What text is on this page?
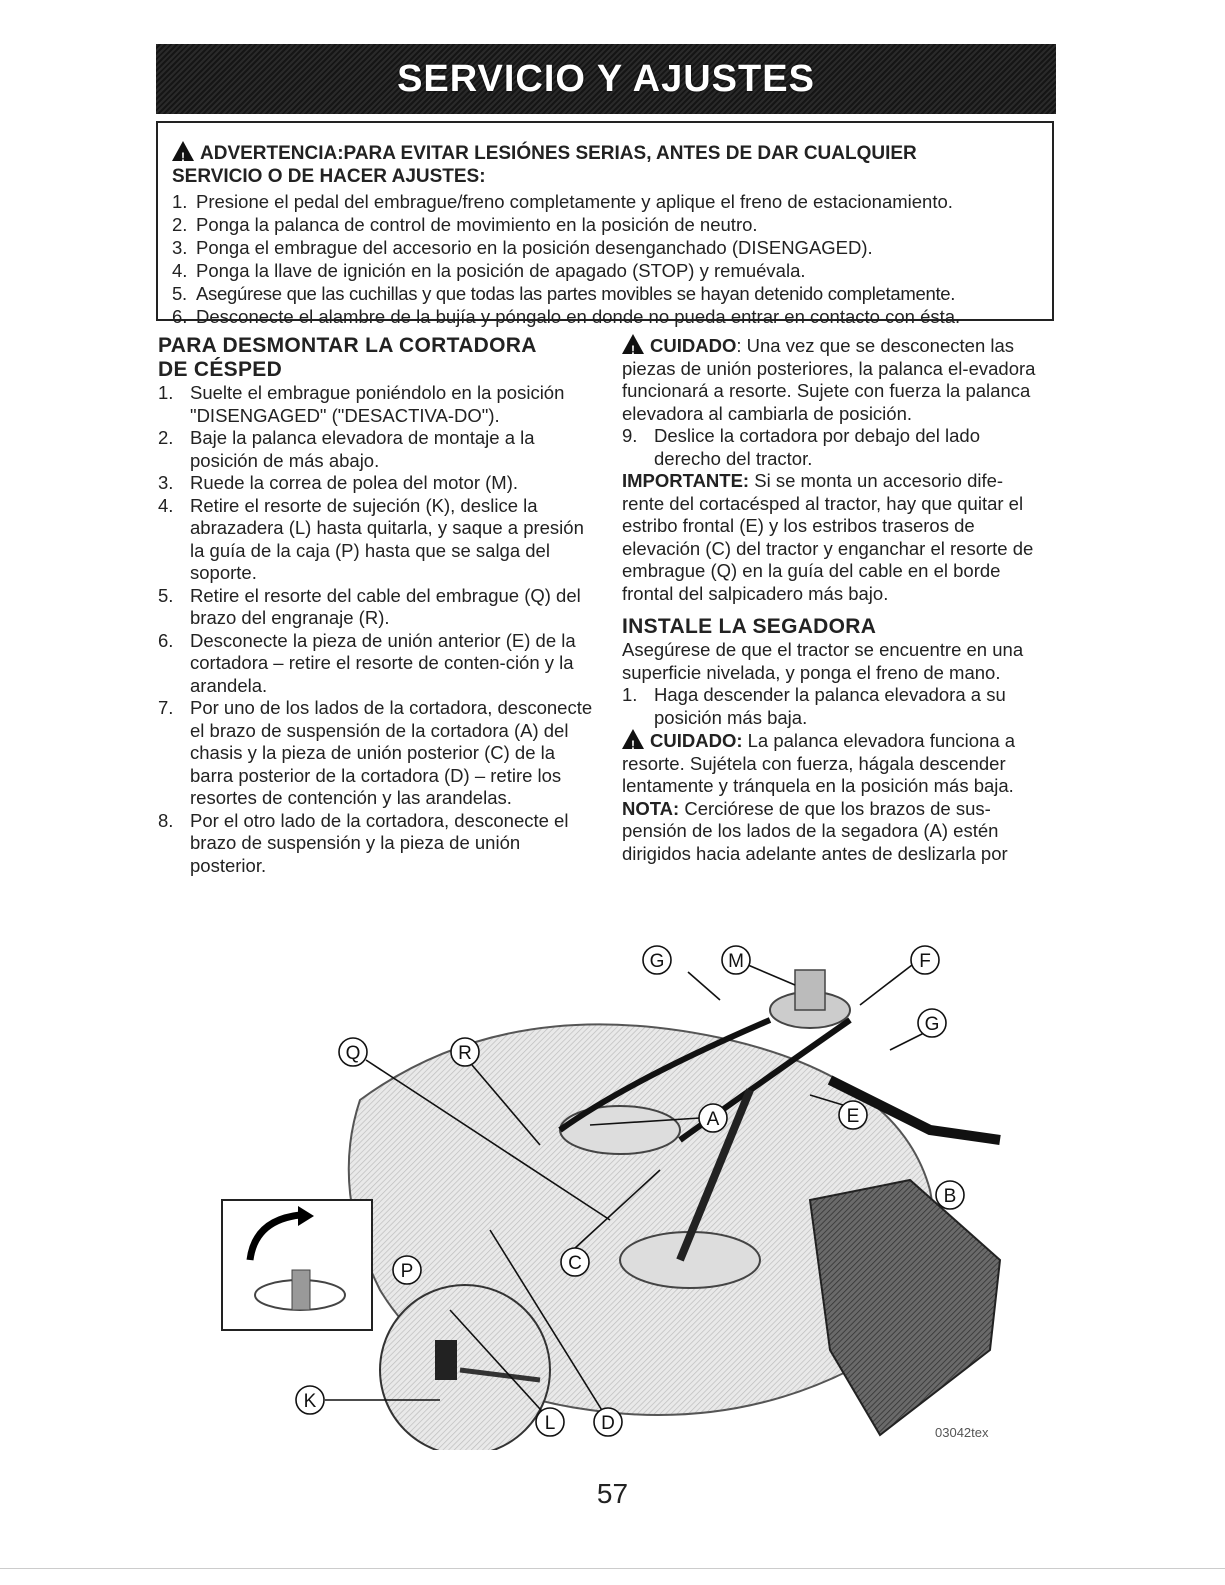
SERVICIO Y AJUSTES
!ADVERTENCIA:PARA EVITAR LESIÓNES SERIAS, ANTES DE DAR CUALQUIER
SERVICIO O DE HACER AJUSTES:
1. Presione el pedal del embrague/freno completamente y aplique el freno de estacionamiento.
2. Ponga la palanca de control de movimiento en la posición de neutro.
3. Ponga el embrague del accesorio en la posición desenganchado (DISENGAGED).
4. Ponga la llave de ignición en la posición de apagado (STOP) y remuévala.
5. Asegúrese que las cuchillas y que todas las partes movibles se hayan detenido completamente.
6. Desconecte el alambre de la bujía y póngalo en donde no pueda entrar en contacto con ésta.
PARA DESMONTAR LA CORTADORA
DE CÉSPED
1. Suelte el embrague poniéndolo en la posición "DISENGAGED" ("DESACTIVA-DO").
2. Baje la palanca elevadora de montaje a la posición de más abajo.
3. Ruede la correa de polea del motor (M).
4. Retire el resorte de sujeción (K), deslice la abrazadera (L) hasta quitarla, y saque a presión la guía de la caja (P) hasta que se salga del soporte.
5. Retire el resorte del cable del embrague (Q) del brazo del engranaje (R).
6. Desconecte la pieza de unión anterior (E) de la cortadora – retire el resorte de conten-ción y la arandela.
7. Por uno de los lados de la cortadora, desconecte el brazo de suspensión de la cortadora (A) del chasis y la pieza de unión posterior (C) de la barra posterior de la cortadora (D) – retire los resortes de contención y las arandelas.
8. Por el otro lado de la cortadora, desconecte el brazo de suspensión y la pieza de unión posterior.

!CUIDADO: Una vez que se desconecten las piezas de unión posteriores, la palanca el-evadora funcionará a resorte. Sujete con fuerza la palanca elevadora al cambiarla de posición.

9. Deslice la cortadora por debajo del lado derecho del tractor.

IMPORTANTE: Si se monta un accesorio dife-rente del cortacésped al tractor, hay que quitar el estribo frontal (E) y los estribos traseros de elevación (C) del tractor y enganchar el resorte de embrague (Q) en la guía del cable en el borde frontal del salpicadero más bajo.

INSTALE LA SEGADORA

Asegúrese de que el tractor se encuentre en una superficie nivelada, y ponga el freno de mano.

1. Haga descender la palanca elevadora a su posición más baja.

!CUIDADO: La palanca elevadora funciona a resorte. Sujétela con fuerza, hágala descender lentamente y tránquela en la posición más baja.

NOTA: Cerciórese de que los brazos de sus-pensión de los lados de la segadora (A) estén dirigidos hacia adelante antes de deslizarla por

G	M	F
G
Q	R
A	E
B
P	C
K
L D	03042tex
57
